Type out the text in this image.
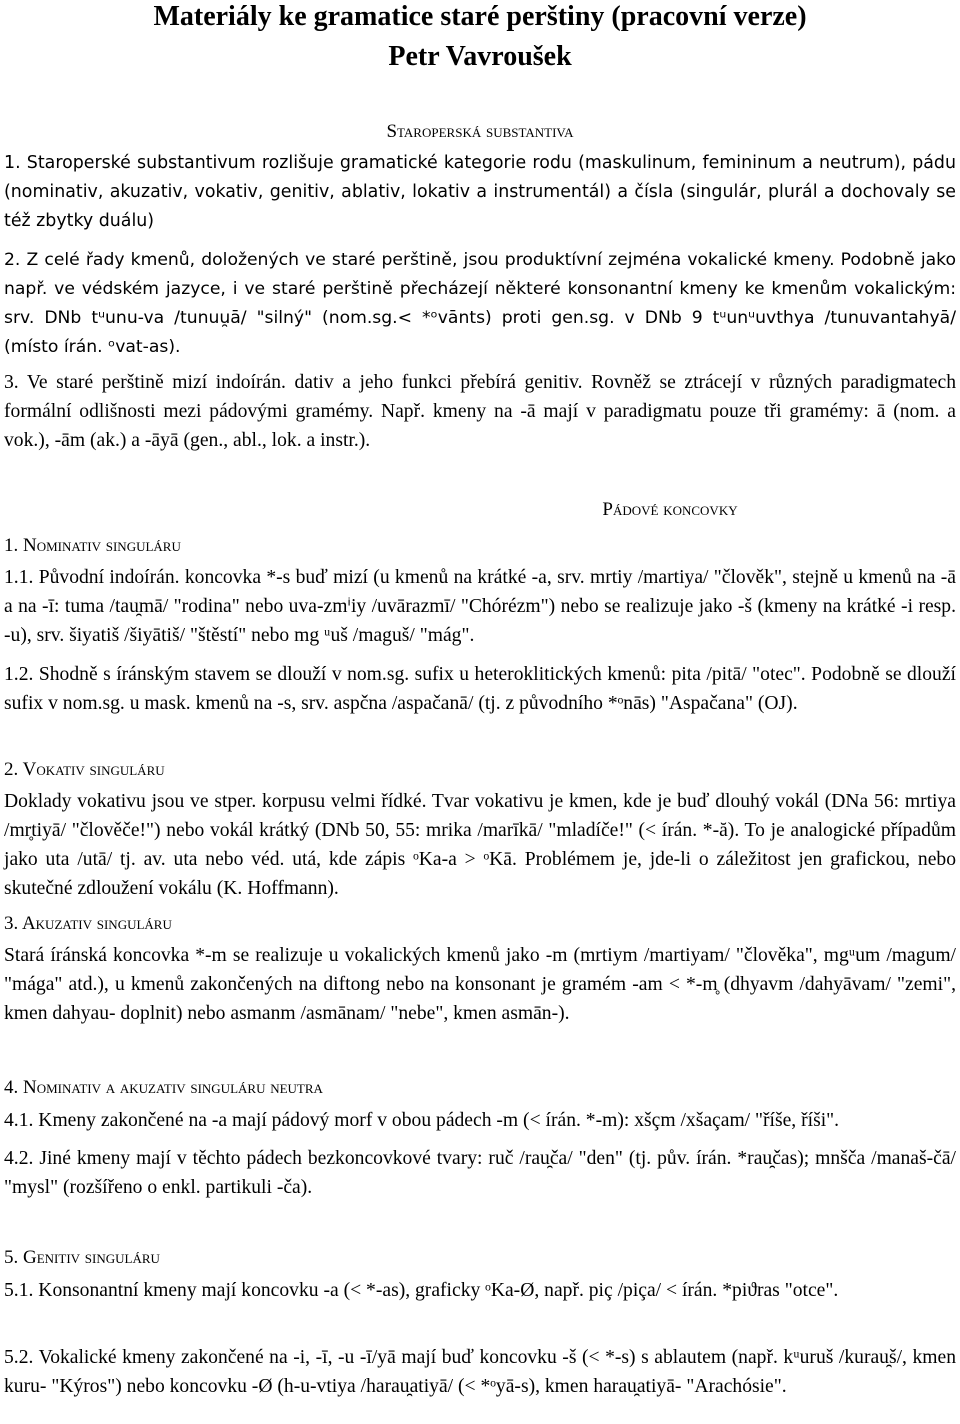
Materiály ke gramatice staré perštiny (pracovní verze)
Petr Vavroušek
Staroperská substantiva
1. Staroperské substantivum rozlišuje gramatické kategorie rodu (maskulinum, femininum a neutrum), pádu (nominativ, akuzativ, vokativ, genitiv, ablativ, lokativ a instrumentál) a čísla (singulár, plurál a dochovaly se též zbytky duálu)
2. Z celé řady kmenů, doložených ve staré perštině, jsou produktívní zejména vokalické kmeny. Podobně jako např. ve védském jazyce, i ve staré perštině přecházejí některé konsonantní kmeny ke kmenům vokalickým: srv. DNb tᵘunu-va /tunuu̯ā/ "silný" (nom.sg.< *ᵒvānts) proti gen.sg. v DNb 9 tᵘunᵘuvthya /tunuvantahyā/ (místo írán. ᵒvat-as).
3. Ve staré perštině mizí indoírán. dativ a jeho funkci přebírá genitiv. Rovněž se ztrácejí v různých paradigmatech formální odlišnosti mezi pádovými gramémy. Např. kmeny na -ā mají v paradigmatu pouze tři gramémy: ā (nom. a vok.), -ām (ak.) a -āyā (gen., abl., lok. a instr.).
Pádové koncovky
1. Nominativ singuláru
1.1. Původní indoírán. koncovka *-s buď mizí (u kmenů na krátké -a, srv. mrtiy /martiya/ "člověk", stejně u kmenů na -ā a na -ī: tuma /tau̯mā/ "rodina" nebo uva-zmⁱiy /uvārazmī/ "Chórézm") nebo se realizuje jako -š (kmeny na krátké -i resp. -u), srv. šiyatiš /šiyātiš/ "štěstí" nebo mg ᵘuš /maguš/ "mág".
1.2. Shodně s íránským stavem se dlouží v nom.sg. sufix u heteroklitických kmenů: pita /pitā/ "otec". Podobně se dlouží sufix v nom.sg. u mask. kmenů na -s, srv. aspčna /aspačanā/ (tj. z původního *ᵒnās) "Aspačana" (OJ).
2. Vokativ singuláru
Doklady vokativu jsou ve stper. korpusu velmi řídké. Tvar vokativu je kmen, kde je buď dlouhý vokál (DNa 56: mrtiya /mr̥tiyā/ "člověče!") nebo vokál krátký (DNb 50, 55: mrika /marīkā/ "mladíče!" (< írán. *-ă). To je analogické případům jako uta /utā/ tj. av. uta nebo véd. utá, kde zápis ᵒKa-a > ᵒKā. Problémem je, jde-li o záležitost jen grafickou, nebo skutečné zdloužení vokálu (K. Hoffmann).
3. Akuzativ singuláru
Stará íránská koncovka *-m se realizuje u vokalických kmenů jako -m (mrtiym /martiyam/ "člověka", mgᵘum /magum/ "mága" atd.), u kmenů zakončených na diftong nebo na konsonant je gramém -am < *-m̥ (dhyavm /dahyāvam/ "zemi", kmen dahyau- doplnit) nebo asmanm /asmānam/ "nebe", kmen asmān-).
4. Nominativ a akuzativ singuláru neutra
4.1. Kmeny zakončené na -a mají pádový morf v obou pádech -m (< írán. *-m): xšçm /xšaçam/ "říše, říši".
4.2. Jiné kmeny mají v těchto pádech bezkoncovkové tvary: ruč /rau̯ča/ "den" (tj. pův. írán. *rau̯čas); mnšča /manaš-čā/ "mysl" (rozšířeno o enkl. partikuli -ča).
5. Genitiv singuláru
5.1. Konsonantní kmeny mají koncovku -a (< *-as), graficky ᵒKa-Ø, např. piç /piça/ < írán. *piϑras "otce".
5.2. Vokalické kmeny zakončené na -i, -ī, -u -ī/yā mají buď koncovku -š (< *-s) s ablautem (např. kᵘuruš /kurau̯š/, kmen kuru- "Kýros") nebo koncovku -Ø (h-u-vtiya /harau̯atiyā/ (< *ᵒyā-s), kmen harau̯atiyā- "Arachósie".
